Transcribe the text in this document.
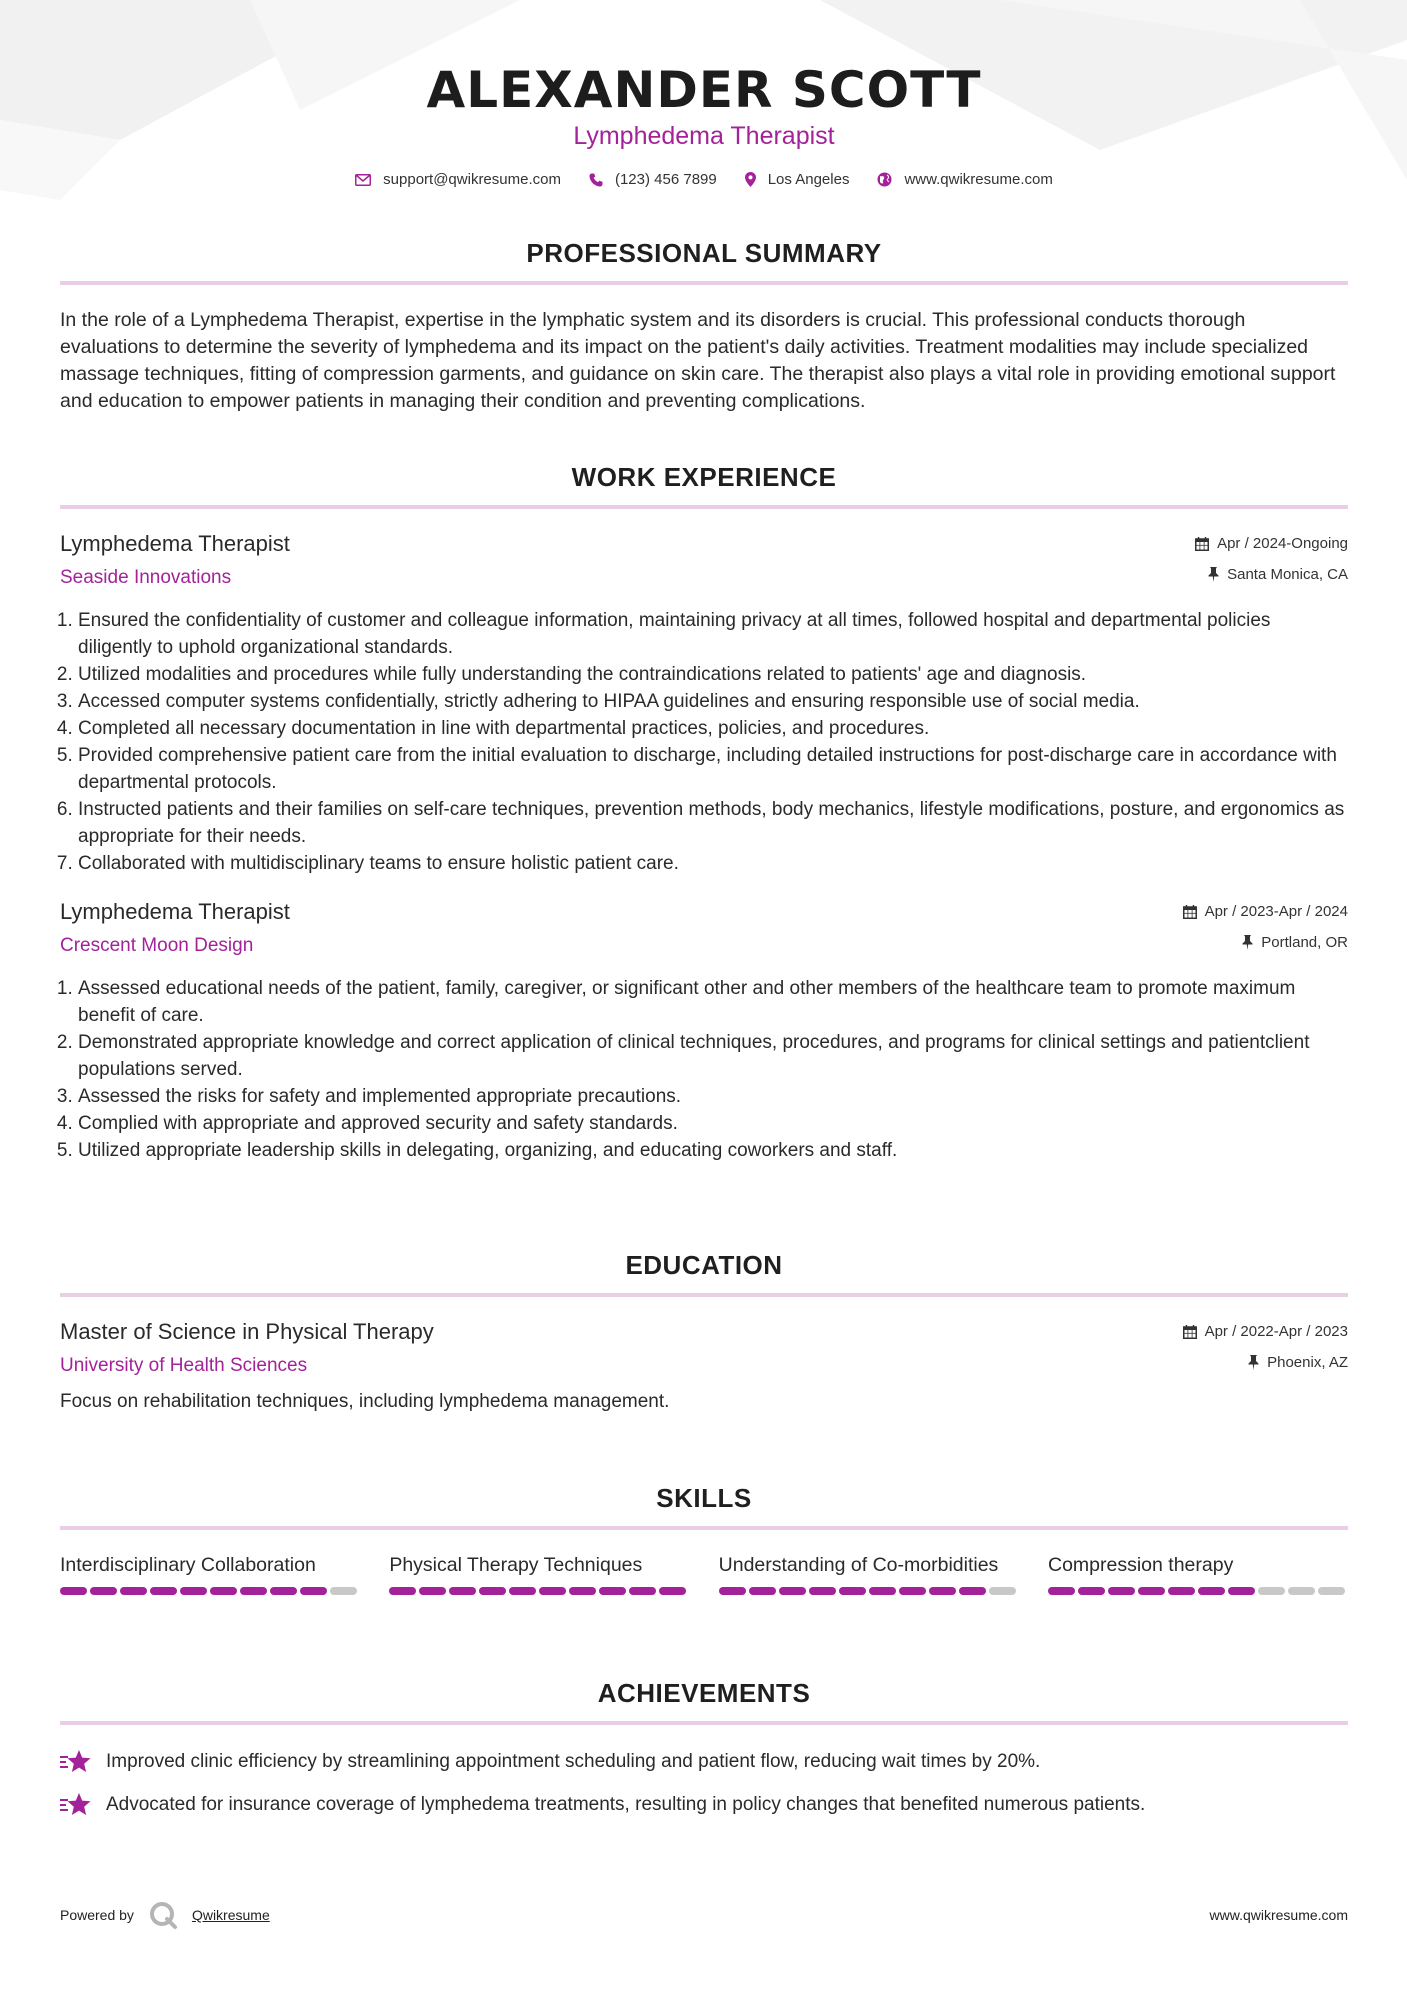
ALEXANDER SCOTT
Lymphedema Therapist
support@qwikresume.com	(123) 456 7899	Los Angeles	www.qwikresume.com
PROFESSIONAL SUMMARY
In the role of a Lymphedema Therapist, expertise in the lymphatic system and its disorders is crucial. This professional conducts thorough evaluations to determine the severity of lymphedema and its impact on the patient's daily activities. Treatment modalities may include specialized massage techniques, fitting of compression garments, and guidance on skin care. The therapist also plays a vital role in providing emotional support and education to empower patients in managing their condition and preventing complications.
WORK EXPERIENCE
Lymphedema Therapist
Seaside Innovations
Apr / 2024-Ongoing
Santa Monica, CA
1. Ensured the confidentiality of customer and colleague information, maintaining privacy at all times, followed hospital and departmental policies diligently to uphold organizational standards.
2. Utilized modalities and procedures while fully understanding the contraindications related to patients' age and diagnosis.
3. Accessed computer systems confidentially, strictly adhering to HIPAA guidelines and ensuring responsible use of social media.
4. Completed all necessary documentation in line with departmental practices, policies, and procedures.
5. Provided comprehensive patient care from the initial evaluation to discharge, including detailed instructions for post-discharge care in accordance with departmental protocols.
6. Instructed patients and their families on self-care techniques, prevention methods, body mechanics, lifestyle modifications, posture, and ergonomics as appropriate for their needs.
7. Collaborated with multidisciplinary teams to ensure holistic patient care.
Lymphedema Therapist
Crescent Moon Design
Apr / 2023-Apr / 2024
Portland, OR
1. Assessed educational needs of the patient, family, caregiver, or significant other and other members of the healthcare team to promote maximum benefit of care.
2. Demonstrated appropriate knowledge and correct application of clinical techniques, procedures, and programs for clinical settings and patientclient populations served.
3. Assessed the risks for safety and implemented appropriate precautions.
4. Complied with appropriate and approved security and safety standards.
5. Utilized appropriate leadership skills in delegating, organizing, and educating coworkers and staff.
EDUCATION
Master of Science in Physical Therapy
University of Health Sciences
Apr / 2022-Apr / 2023
Phoenix, AZ
Focus on rehabilitation techniques, including lymphedema management.
SKILLS
Interdisciplinary Collaboration	Physical Therapy Techniques	Understanding of Co-morbidities	Compression therapy
ACHIEVEMENTS
Improved clinic efficiency by streamlining appointment scheduling and patient flow, reducing wait times by 20%.
Advocated for insurance coverage of lymphedema treatments, resulting in policy changes that benefited numerous patients.
Powered by	Qwikresume	www.qwikresume.com
